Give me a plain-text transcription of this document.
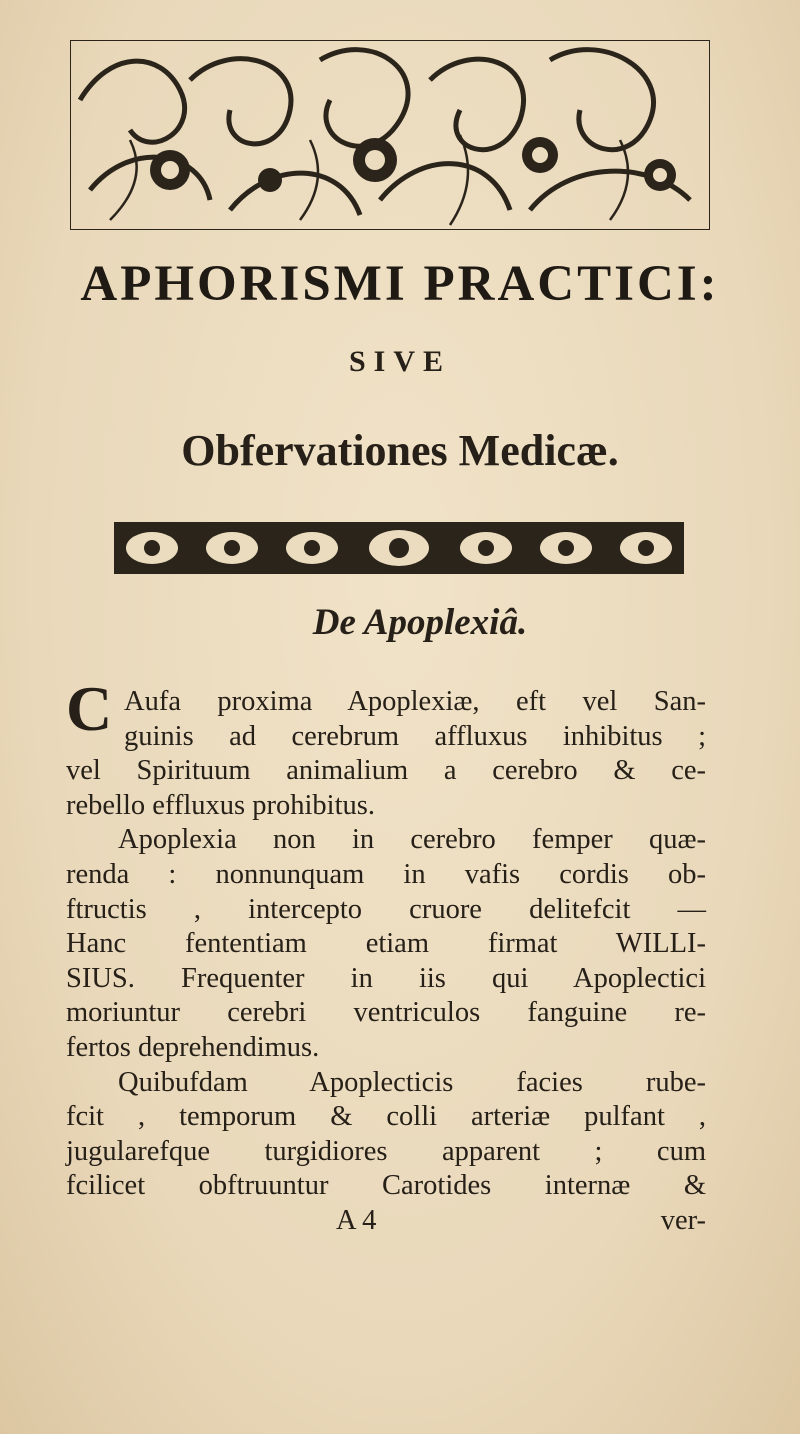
APHORISMI PRACTICI:
SIVE
Obfervationes Medicæ.
De Apoplexiâ.
C Aufa proxima Apoplexiæ, eft vel San-
guinis ad cerebrum affluxus inhibitus ;
vel Spirituum animalium a cerebro & ce-
rebello effluxus prohibitus.
Apoplexia non in cerebro femper quæ-
renda : nonnunquam in vafis cordis ob-
ftructis , intercepto cruore delitefcit —
Hanc fententiam etiam firmat WILLI-
SIUS. Frequenter in iis qui Apoplectici
moriuntur cerebri ventriculos fanguine re-
fertos deprehendimus.
Quibufdam Apoplecticis facies rube-
fcit , temporum & colli arteriæ pulfant ,
jugularefque turgidiores apparent ; cum
fcilicet obftruuntur Carotides internæ &
A 4	ver-
